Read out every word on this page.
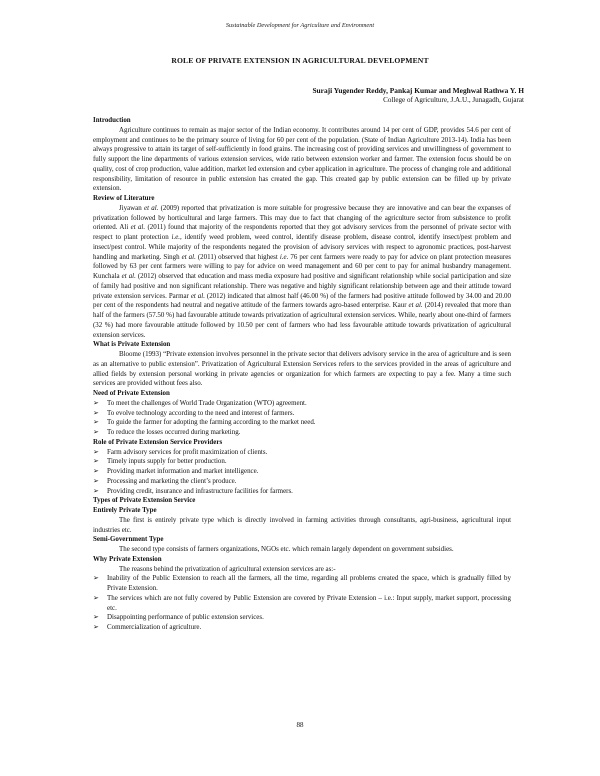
Sustainable Development for Agriculture and Environment
ROLE OF PRIVATE EXTENSION IN AGRICULTURAL DEVELOPMENT
Suraji Yugender Reddy, Pankaj Kumar and Meghwal Rathwa Y. H
College of Agriculture, J.A.U., Junagadh, Gujarat
Introduction

Agriculture continues to remain as major sector of the Indian economy. It contributes around 14 per cent of GDP, provides 54.6 per cent of employment and continues to be the primary source of living for 60 per cent of the population. (State of Indian Agriculture 2013-14). India has been always progressive to attain its target of self-sufficiently in food grains. The increasing cost of providing services and unwillingness of government to fully support the line departments of various extension services, wide ratio between extension worker and farmer. The extension focus should be on quality, cost of crop production, value addition, market led extension and cyber application in agriculture. The process of changing role and additional responsibility, limitation of resource in public extension has created the gap. This created gap by public extension can be filled up by private extension.

Review of Literature

Jiyawan et al. (2009) reported that privatization is more suitable for progressive because they are innovative and can bear the expanses of privatization followed by horticultural and large farmers. This may due to fact that changing of the agriculture sector from subsistence to profit oriented. Ali et al. (2011) found that majority of the respondents reported that they got advisory services from the personnel of private sector with respect to plant protection i.e., identify weed problem, weed control, identify disease problem, disease control, identify insect/pest problem and insect/pest control. While majority of the respondents negated the provision of advisory services with respect to agronomic practices, post-harvest handling and marketing. Singh et al. (2011) observed that highest i.e. 76 per cent farmers were ready to pay for advice on plant protection measures followed by 63 per cent farmers were willing to pay for advice on weed management and 60 per cent to pay for animal husbandry management. Kunchala et al. (2012) observed that education and mass media exposure had positive and significant relationship while social participation and size of family had positive and non significant relationship. There was negative and highly significant relationship between age and their attitude toward private extension services. Parmar et al. (2012) indicated that almost half (46.00 %) of the farmers had positive attitude followed by 34.00 and 20.00 per cent of the respondents had neutral and negative attitude of the farmers towards agro-based enterprise. Kaur et al. (2014) revealed that more than half of the farmers (57.50 %) had favourable attitude towards privatization of agricultural extension services. While, nearly about one-third of farmers (32 %) had more favourable attitude followed by 10.50 per cent of farmers who had less favourable attitude towards privatization of agricultural extension services.

What is Private Extension

Bloome (1993) “Private extension involves personnel in the private sector that delivers advisory service in the area of agriculture and is seen as an alternative to public extension”. Privatization of Agricultural Extension Services refers to the services provided in the areas of agriculture and allied fields by extension personal working in private agencies or organization for which farmers are expecting to pay a fee. Many a time such services are provided without fees also.

Need of Private Extension
➢ To meet the challenges of World Trade Organization (WTO) agreement.
➢ To evolve technology according to the need and interest of farmers.
➢ To guide the farmer for adopting the farming according to the market need.
➢ To reduce the losses occurred during marketing.
Role of Private Extension Service Providers
➢ Farm advisory services for profit maximization of clients.
➢ Timely inputs supply for better production.
➢ Providing market information and market intelligence.
➢ Processing and marketing the client’s produce.
➢ Providing credit, insurance and infrastructure facilities for farmers.
Types of Private Extension Service
Entirely Private Type

The first is entirely private type which is directly involved in farming activities through consultants, agri-business, agricultural input industries etc.

Semi-Government Type

The second type consists of farmers organizations, NGOs etc. which remain largely dependent on government subsidies.

Why Private Extension

The reasons behind the privatization of agricultural extension services are as:-

➢ Inability of the Public Extension to reach all the farmers, all the time, regarding all problems created the space, which is gradually filled by Private Extension.
➢ The services which are not fully covered by Public Extension are covered by Private Extension – i.e.: Input supply, market support, processing etc.
➢ Disappointing performance of public extension services.
➢ Commercialization of agriculture.
88
